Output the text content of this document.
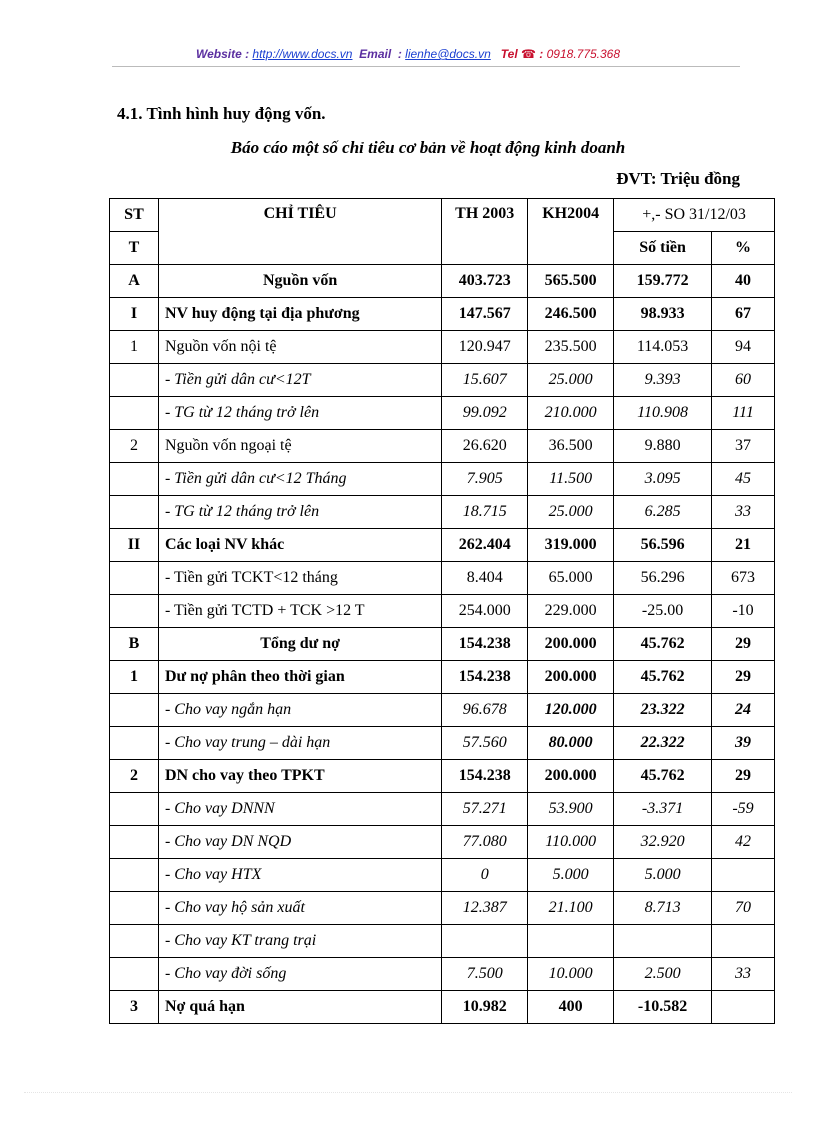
Website : http://www.docs.vn Email : lienhe@docs.vn Tel ☎ : 0918.775.368
4.1. Tình hình huy động vốn.
Báo cáo một số chỉ tiêu cơ bản về hoạt động kinh doanh
ĐVT: Triệu đồng
ST	CHỈ TIÊU	TH 2003	KH2004	+,- SO 31/12/03	
T				Số tiền	%
A	Nguồn vốn	403.723	565.500	159.772	40
I	NV huy động tại địa phương	147.567	246.500	98.933	67
1	Nguồn vốn nội tệ	120.947	235.500	114.053	94
	- Tiền gửi dân cư<12T	15.607	25.000	9.393	60
	- TG từ 12 tháng trở lên	99.092	210.000	110.908	111
2	Nguồn vốn ngoại tệ	26.620	36.500	9.880	37
	- Tiền gửi dân cư<12 Tháng	7.905	11.500	3.095	45
	- TG từ 12 tháng trở lên	18.715	25.000	6.285	33
II	Các loại NV khác	262.404	319.000	56.596	21
	- Tiền gửi TCKT<12 tháng	8.404	65.000	56.296	673
	- Tiền gửi TCTD + TCK >12 T	254.000	229.000	-25.00	-10
B	Tổng dư nợ	154.238	200.000	45.762	29
1	Dư nợ phân theo thời gian	154.238	200.000	45.762	29
	- Cho vay ngắn hạn	96.678	120.000	23.322	24
	- Cho vay trung – dài hạn	57.560	80.000	22.322	39
2	DN cho vay theo TPKT	154.238	200.000	45.762	29
	- Cho vay DNNN	57.271	53.900	-3.371	-59
	- Cho vay DN NQD	77.080	110.000	32.920	42
	- Cho vay HTX	0	5.000	5.000	
	- Cho vay hộ sản xuất	12.387	21.100	8.713	70
	- Cho vay KT trang trại				
	- Cho vay đời sống	7.500	10.000	2.500	33
3	Nợ quá hạn	10.982	400	-10.582	
